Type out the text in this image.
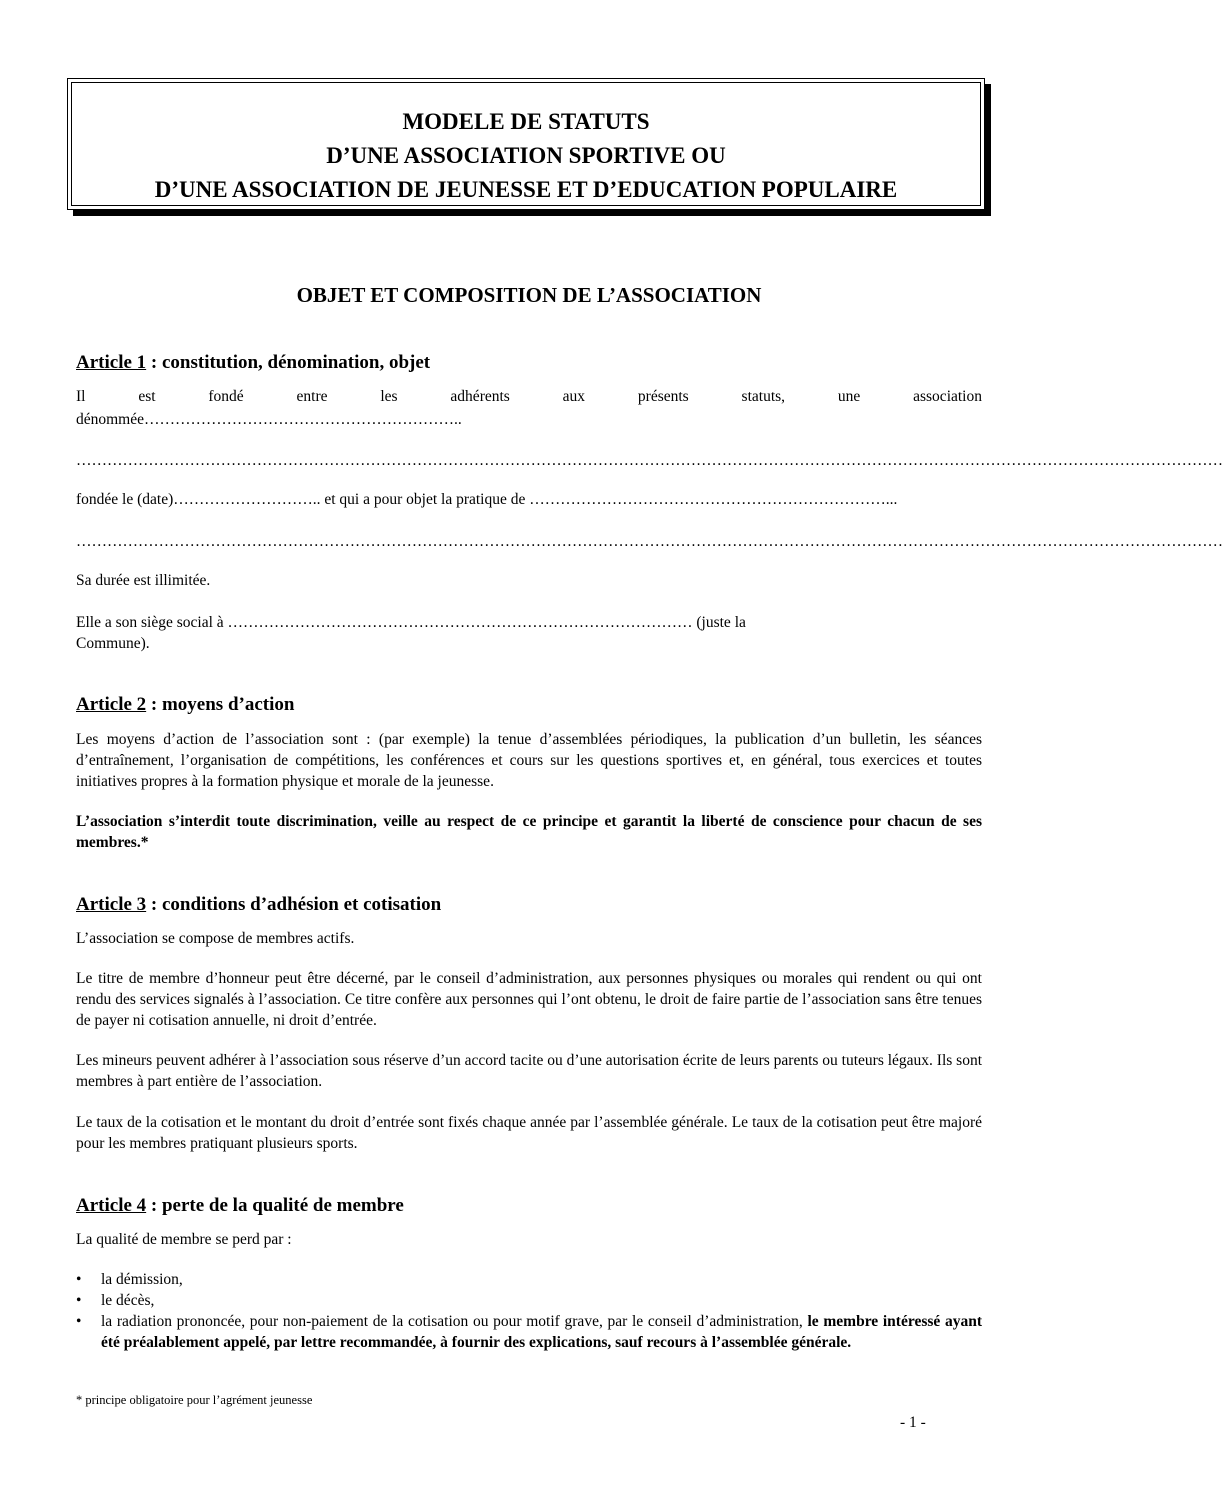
MODELE DE STATUTS
D’UNE ASSOCIATION SPORTIVE OU
D’UNE ASSOCIATION DE JEUNESSE ET D’EDUCATION POPULAIRE
OBJET ET COMPOSITION DE L’ASSOCIATION
Article 1 : constitution, dénomination, objet
Il est fondé entre les adhérents aux présents statuts, une association
dénommée……………………………………………………..
……………………………………………………………………………………………………………………………………………………………………………………………………
fondée le (date)……………………….. et qui a pour objet la pratique de ……………………………………………………………...
……………………………………………………………………………………………………………………………………………………………………………………………………
Sa durée est illimitée.
Elle a son siège social à ……………………………………………………………………………… (juste la
Commune).
Article 2 : moyens d’action
Les moyens d’action de l’association sont : (par exemple) la tenue d’assemblées périodiques, la publication d’un bulletin, les séances d’entraînement, l’organisation de compétitions, les conférences et cours sur les questions sportives et, en général, tous exercices et toutes initiatives propres à la formation physique et morale de la jeunesse.
L’association s’interdit toute discrimination, veille au respect de ce principe et garantit la liberté de conscience pour chacun de ses membres.*
Article 3 : conditions d’adhésion et cotisation
L’association se compose de membres actifs.
Le titre de membre d’honneur peut être décerné, par le conseil d’administration, aux personnes physiques ou morales qui rendent ou qui ont rendu des services signalés à l’association. Ce titre confère aux personnes qui l’ont obtenu, le droit de faire partie de l’association sans être tenues de payer ni cotisation annuelle, ni droit d’entrée.
Les mineurs peuvent adhérer à l’association sous réserve d’un accord tacite ou d’une autorisation écrite de leurs parents ou tuteurs légaux. Ils sont membres à part entière de l’association.
Le taux de la cotisation et le montant du droit d’entrée sont fixés chaque année par l’assemblée générale. Le taux de la cotisation peut être majoré pour les membres pratiquant plusieurs sports.
Article 4 : perte de la qualité de membre
La qualité de membre se perd par :
• la démission,
• le décès,
• la radiation prononcée, pour non-paiement de la cotisation ou pour motif grave, par le conseil d’administration, le membre intéressé ayant été préalablement appelé, par lettre recommandée, à fournir des explications, sauf recours à l’assemblée générale.
* principe obligatoire pour l’agrément jeunesse
- 1 -
